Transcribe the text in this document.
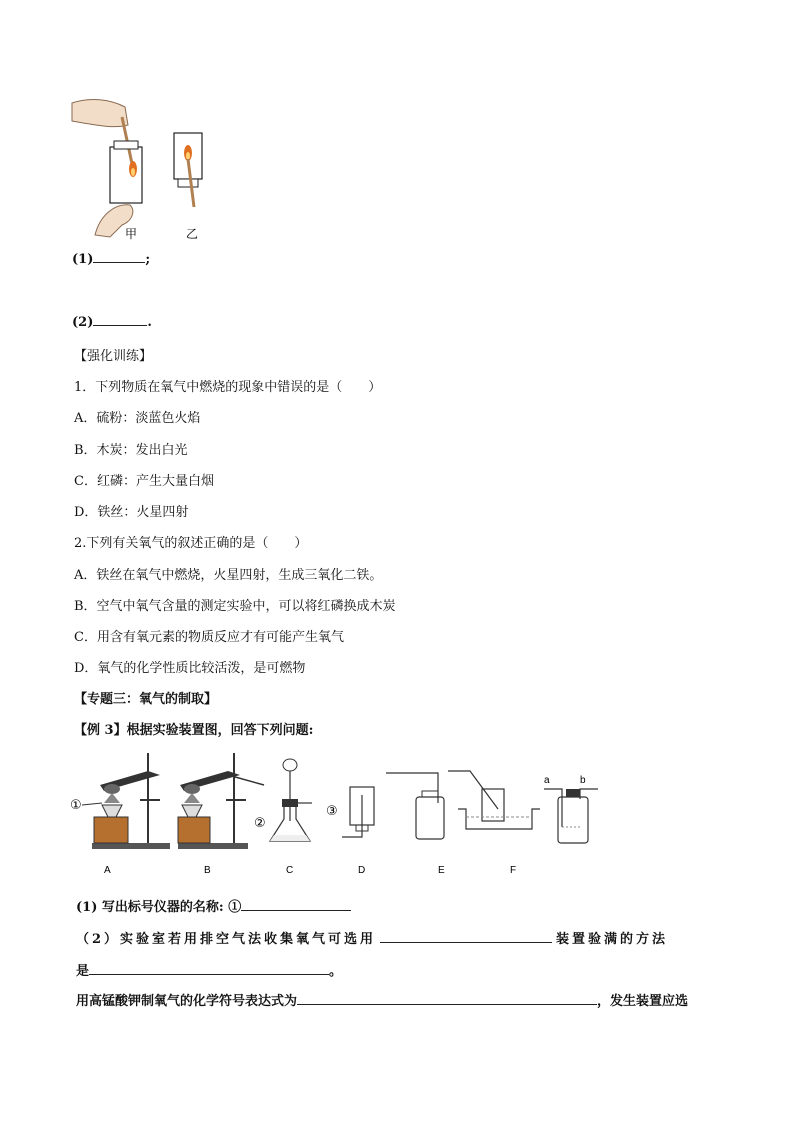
甲	乙
(1)	;
(2)	.
【强化训练】
1．下列物质在氧气中燃烧的现象中错误的是（　　）
A．硫粉：淡蓝色火焰
B．木炭：发出白光
C．红磷：产生大量白烟
D．铁丝：火星四射
2.下列有关氧气的叙述正确的是（　　）
A．铁丝在氧气中燃烧，火星四射，生成三氧化二铁。
B．空气中氧气含量的测定实验中，可以将红磷换成木炭
C．用含有氧元素的物质反应才有可能产生氧气
D．氧气的化学性质比较活泼，是可燃物
【专题三：氧气的制取】
【例 3】根据实验装置图，回答下列问题:
①
②
③
a	b
A	B	C	D	E	F
(1) 写出标号仪器的名称: ①
（2）实验室若用排空气法收集氧气可选用	装置验满的方法
是	。
用高锰酸钾制氧气的化学符号表达式为	，发生装置应选
